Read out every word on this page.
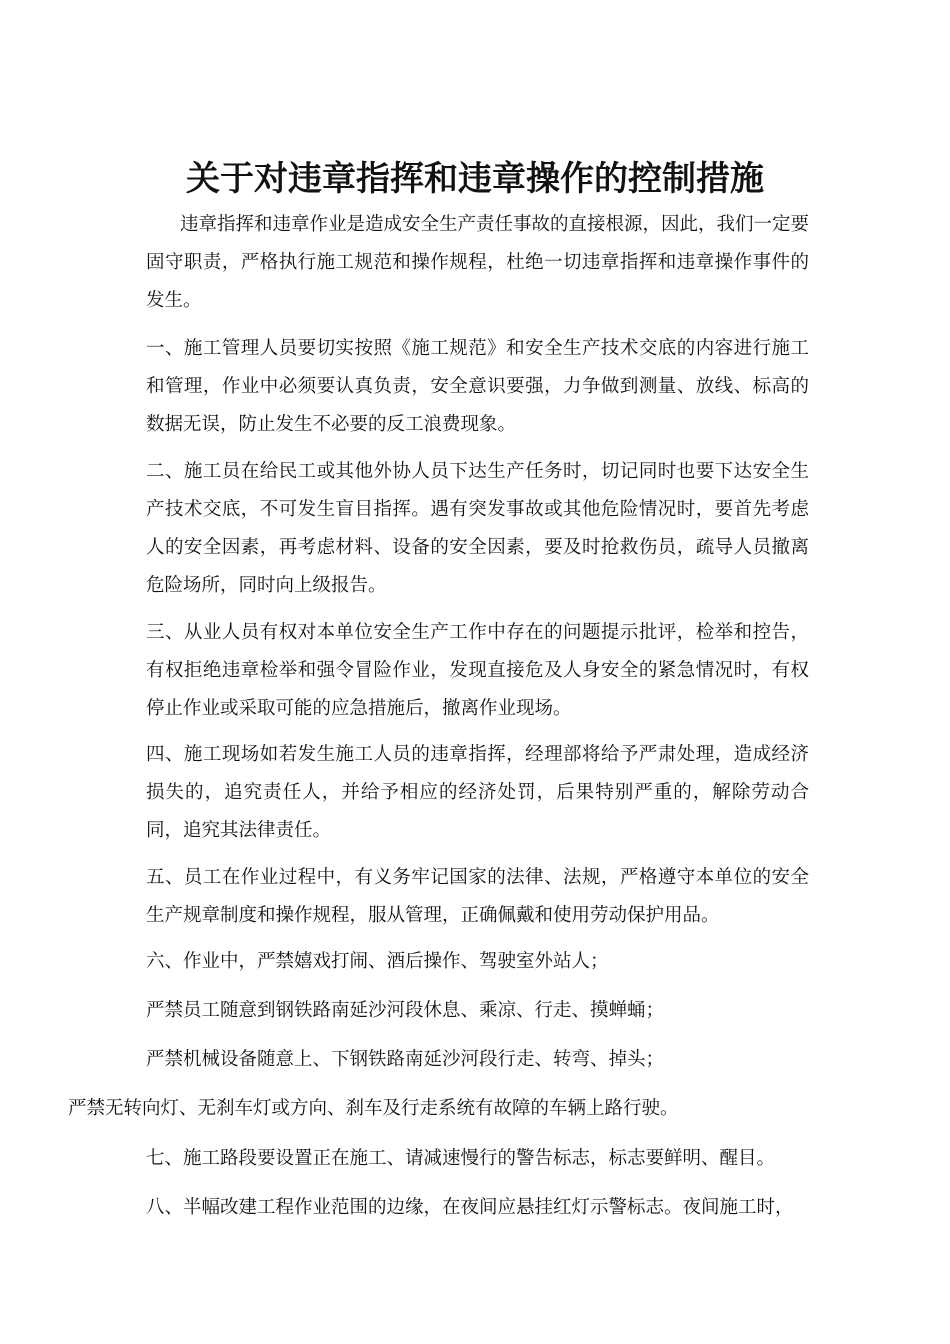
关于对违章指挥和违章操作的控制措施

违章指挥和违章作业是造成安全生产责任事故的直接根源，因此，我们一定要固守职责，严格执行施工规范和操作规程，杜绝一切违章指挥和违章操作事件的发生。

一、施工管理人员要切实按照《施工规范》和安全生产技术交底的内容进行施工和管理，作业中必须要认真负责，安全意识要强，力争做到测量、放线、标高的数据无误，防止发生不必要的反工浪费现象。

二、施工员在给民工或其他外协人员下达生产任务时，切记同时也要下达安全生产技术交底，不可发生盲目指挥。遇有突发事故或其他危险情况时，要首先考虑人的安全因素，再考虑材料、设备的安全因素，要及时抢救伤员，疏导人员撤离危险场所，同时向上级报告。

三、从业人员有权对本单位安全生产工作中存在的问题提示批评，检举和控告，有权拒绝违章检举和强令冒险作业，发现直接危及人身安全的紧急情况时，有权停止作业或采取可能的应急措施后，撤离作业现场。

四、施工现场如若发生施工人员的违章指挥，经理部将给予严肃处理，造成经济损失的，追究责任人，并给予相应的经济处罚，后果特别严重的，解除劳动合同，追究其法律责任。

五、员工在作业过程中，有义务牢记国家的法律、法规，严格遵守本单位的安全生产规章制度和操作规程，服从管理，正确佩戴和使用劳动保护用品。

六、作业中，严禁嬉戏打闹、酒后操作、驾驶室外站人；

严禁员工随意到钢铁路南延沙河段休息、乘凉、行走、摸蝉蛹；

严禁机械设备随意上、下钢铁路南延沙河段行走、转弯、掉头；

严禁无转向灯、无刹车灯或方向、刹车及行走系统有故障的车辆上路行驶。

七、施工路段要设置正在施工、请减速慢行的警告标志，标志要鲜明、醒目。

八、半幅改建工程作业范围的边缘，在夜间应悬挂红灯示警标志。夜间施工时，
